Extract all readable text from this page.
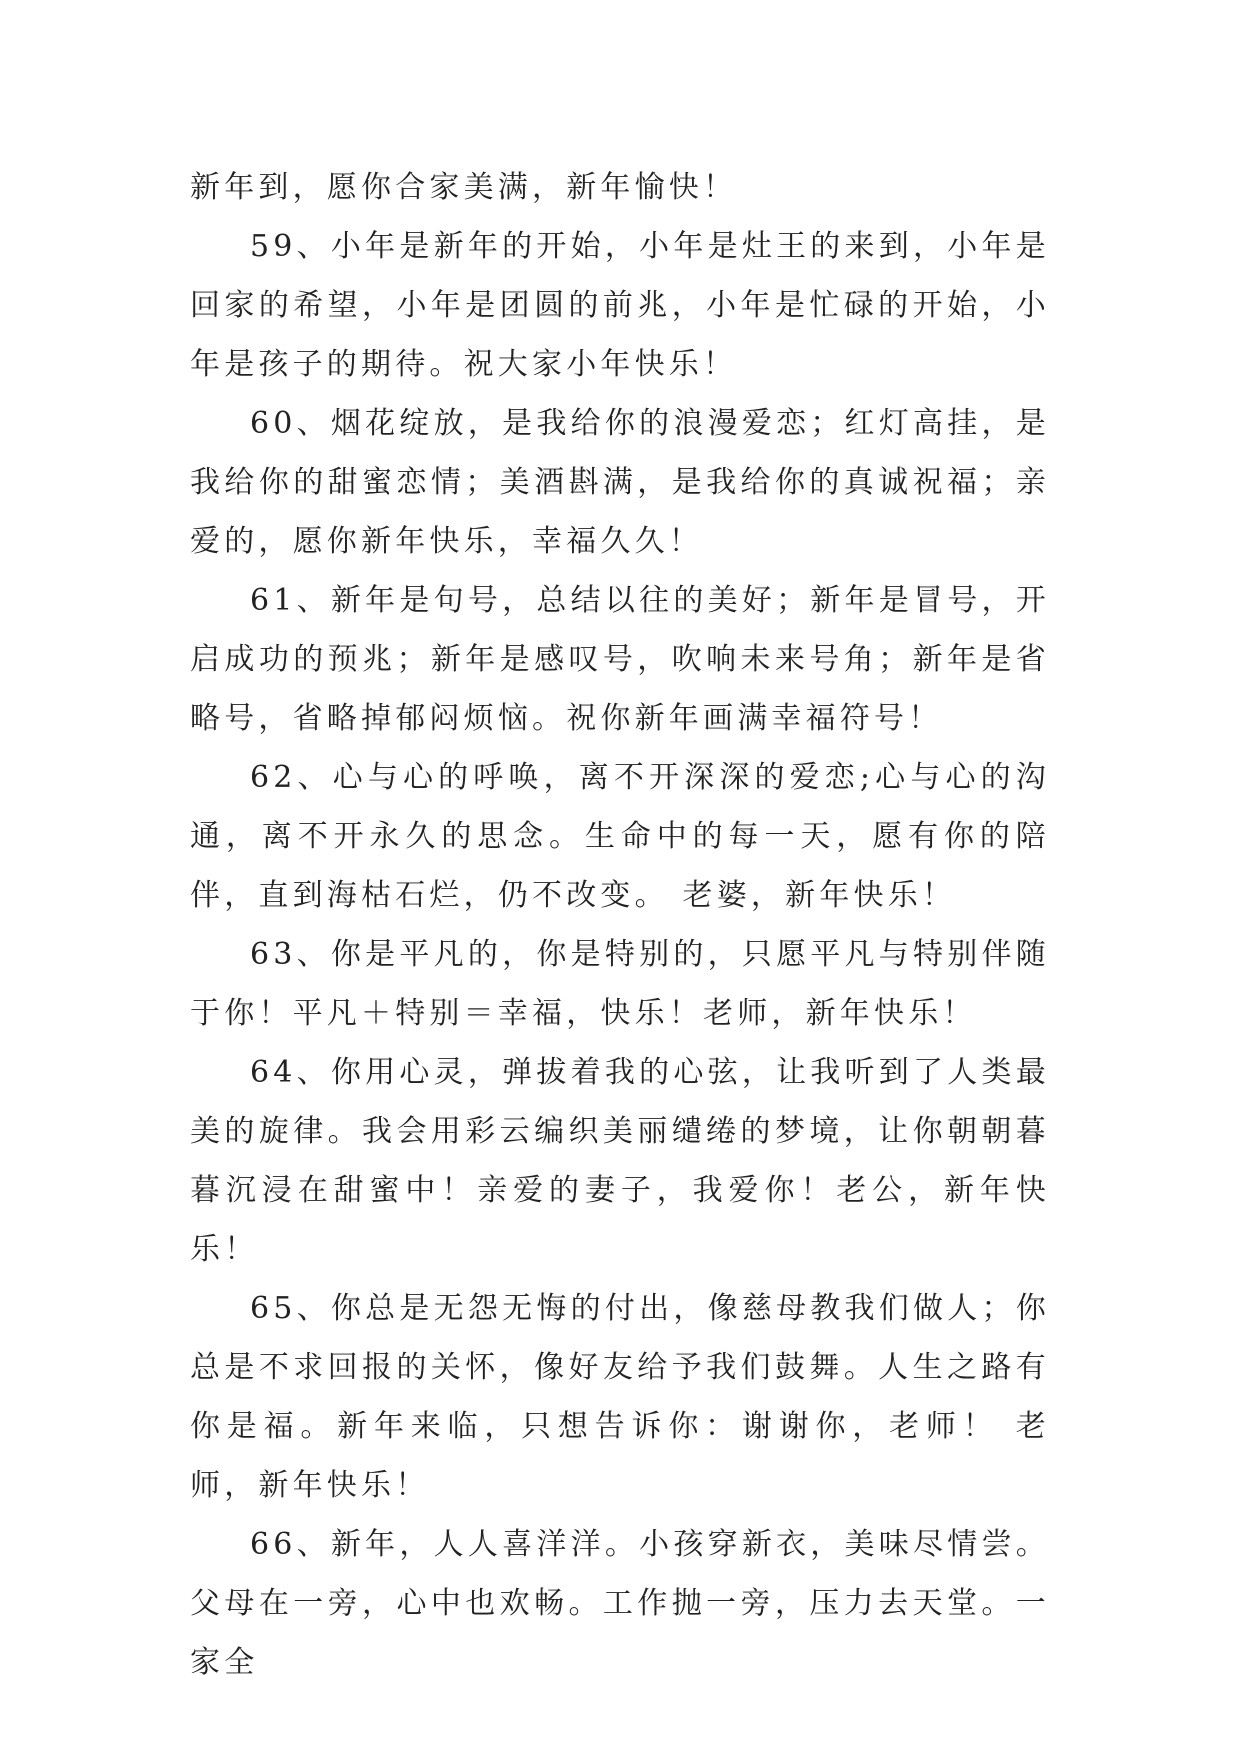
新年到，愿你合家美满，新年愉快！

59、小年是新年的开始，小年是灶王的来到，小年是回家的希望，小年是团圆的前兆，小年是忙碌的开始，小年是孩子的期待。祝大家小年快乐！

60、烟花绽放，是我给你的浪漫爱恋；红灯高挂，是我给你的甜蜜恋情；美酒斟满，是我给你的真诚祝福；亲爱的，愿你新年快乐，幸福久久！

61、新年是句号，总结以往的美好；新年是冒号，开启成功的预兆；新年是感叹号，吹响未来号角；新年是省略号，省略掉郁闷烦恼。祝你新年画满幸福符号！

62、心与心的呼唤，离不开深深的爱恋;心与心的沟通，离不开永久的思念。生命中的每一天，愿有你的陪伴，直到海枯石烂，仍不改变。 老婆，新年快乐！

63、你是平凡的，你是特别的，只愿平凡与特别伴随于你！平凡＋特别＝幸福，快乐！老师，新年快乐！

64、你用心灵，弹拔着我的心弦，让我听到了人类最美的旋律。我会用彩云编织美丽缱绻的梦境，让你朝朝暮暮沉浸在甜蜜中！亲爱的妻子，我爱你！老公，新年快乐！

65、你总是无怨无悔的付出，像慈母教我们做人；你总是不求回报的关怀，像好友给予我们鼓舞。人生之路有你是福。新年来临，只想告诉你：谢谢你，老师！ 老师，新年快乐！

66、新年，人人喜洋洋。小孩穿新衣，美味尽情尝。父母在一旁，心中也欢畅。工作抛一旁，压力去天堂。一家全
